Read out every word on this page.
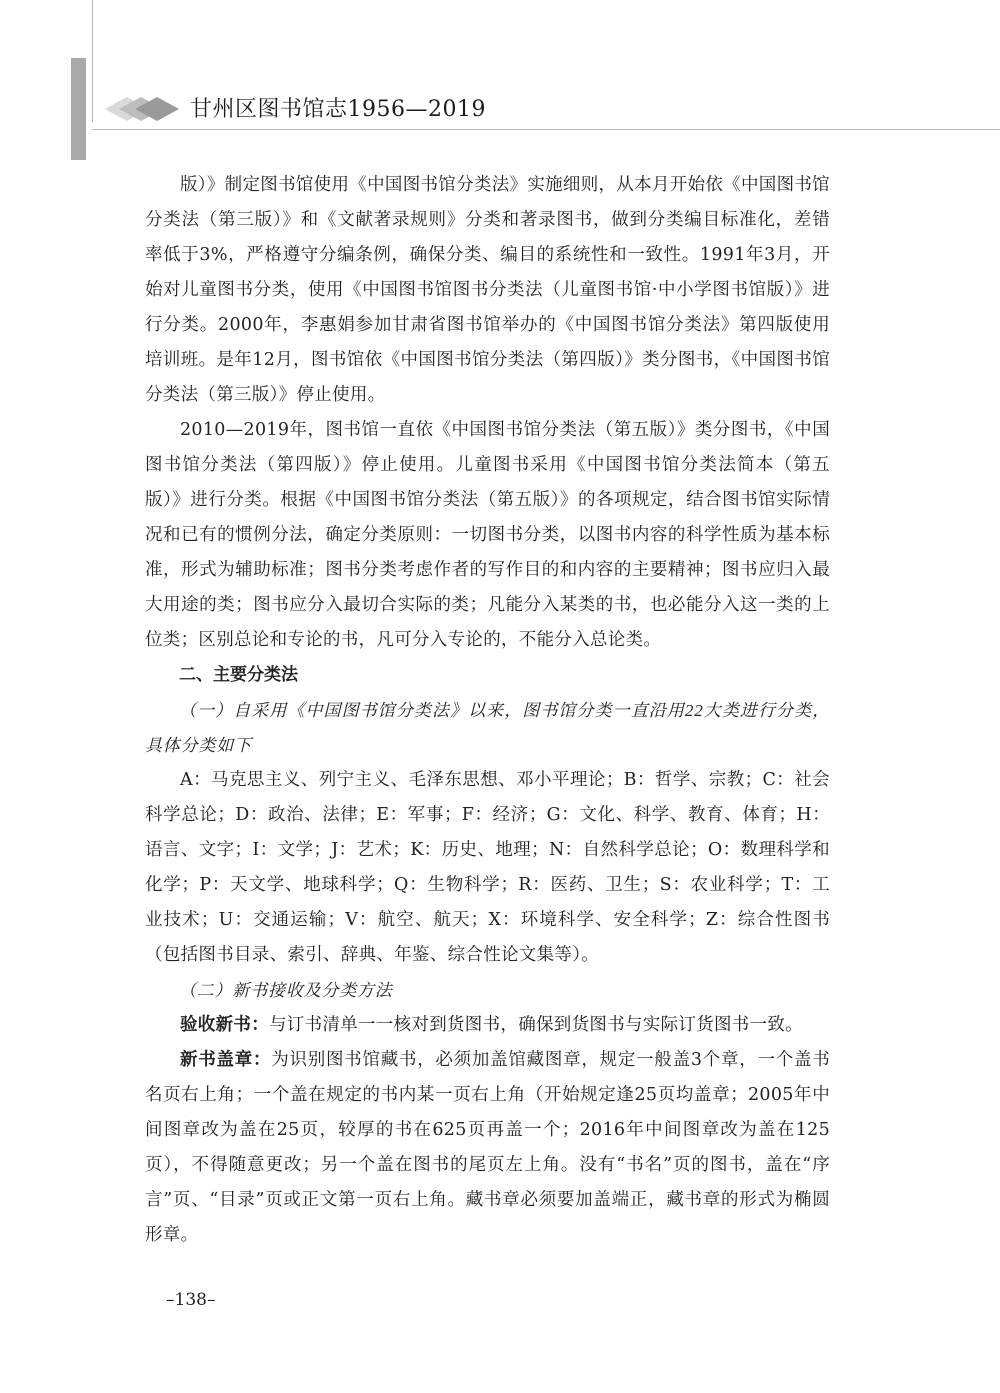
甘州区图书馆志1956—2019

版）》制定图书馆使用《中国图书馆分类法》实施细则，从本月开始依《中国图书馆分类法（第三版）》和《文献著录规则》分类和著录图书，做到分类编目标准化，差错率低于3%，严格遵守分编条例，确保分类、编目的系统性和一致性。1991年3月，开始对儿童图书分类，使用《中国图书馆图书分类法（儿童图书馆·中小学图书馆版）》进行分类。2000年，李惠娟参加甘肃省图书馆举办的《中国图书馆分类法》第四版使用培训班。是年12月，图书馆依《中国图书馆分类法（第四版）》类分图书，《中国图书馆分类法（第三版）》停止使用。

2010—2019年，图书馆一直依《中国图书馆分类法（第五版）》类分图书，《中国图书馆分类法（第四版）》停止使用。儿童图书采用《中国图书馆分类法简本（第五版）》进行分类。根据《中国图书馆分类法（第五版）》的各项规定，结合图书馆实际情况和已有的惯例分法，确定分类原则：一切图书分类，以图书内容的科学性质为基本标准，形式为辅助标准；图书分类考虑作者的写作目的和内容的主要精神；图书应归入最大用途的类；图书应分入最切合实际的类；凡能分入某类的书，也必能分入这一类的上位类；区别总论和专论的书，凡可分入专论的，不能分入总论类。

二、主要分类法

（一）自采用《中国图书馆分类法》以来，图书馆分类一直沿用22大类进行分类，具体分类如下

A：马克思主义、列宁主义、毛泽东思想、邓小平理论；B：哲学、宗教；C：社会科学总论；D：政治、法律；E：军事；F：经济；G：文化、科学、教育、体育；H：语言、文字；I：文学；J：艺术；K：历史、地理；N：自然科学总论；O：数理科学和化学；P：天文学、地球科学；Q：生物科学；R：医药、卫生；S：农业科学；T：工业技术；U：交通运输；V：航空、航天；X：环境科学、安全科学；Z：综合性图书（包括图书目录、索引、辞典、年鉴、综合性论文集等）。

（二）新书接收及分类方法

验收新书：与订书清单一一核对到货图书，确保到货图书与实际订货图书一致。

新书盖章：为识别图书馆藏书，必须加盖馆藏图章，规定一般盖3个章，一个盖书名页右上角；一个盖在规定的书内某一页右上角（开始规定逢25页均盖章；2005年中间图章改为盖在25页，较厚的书在625页再盖一个；2016年中间图章改为盖在125页），不得随意更改；另一个盖在图书的尾页左上角。没有“书名”页的图书，盖在“序言”页、“目录”页或正文第一页右上角。藏书章必须要加盖端正，藏书章的形式为椭圆形章。

–138–
